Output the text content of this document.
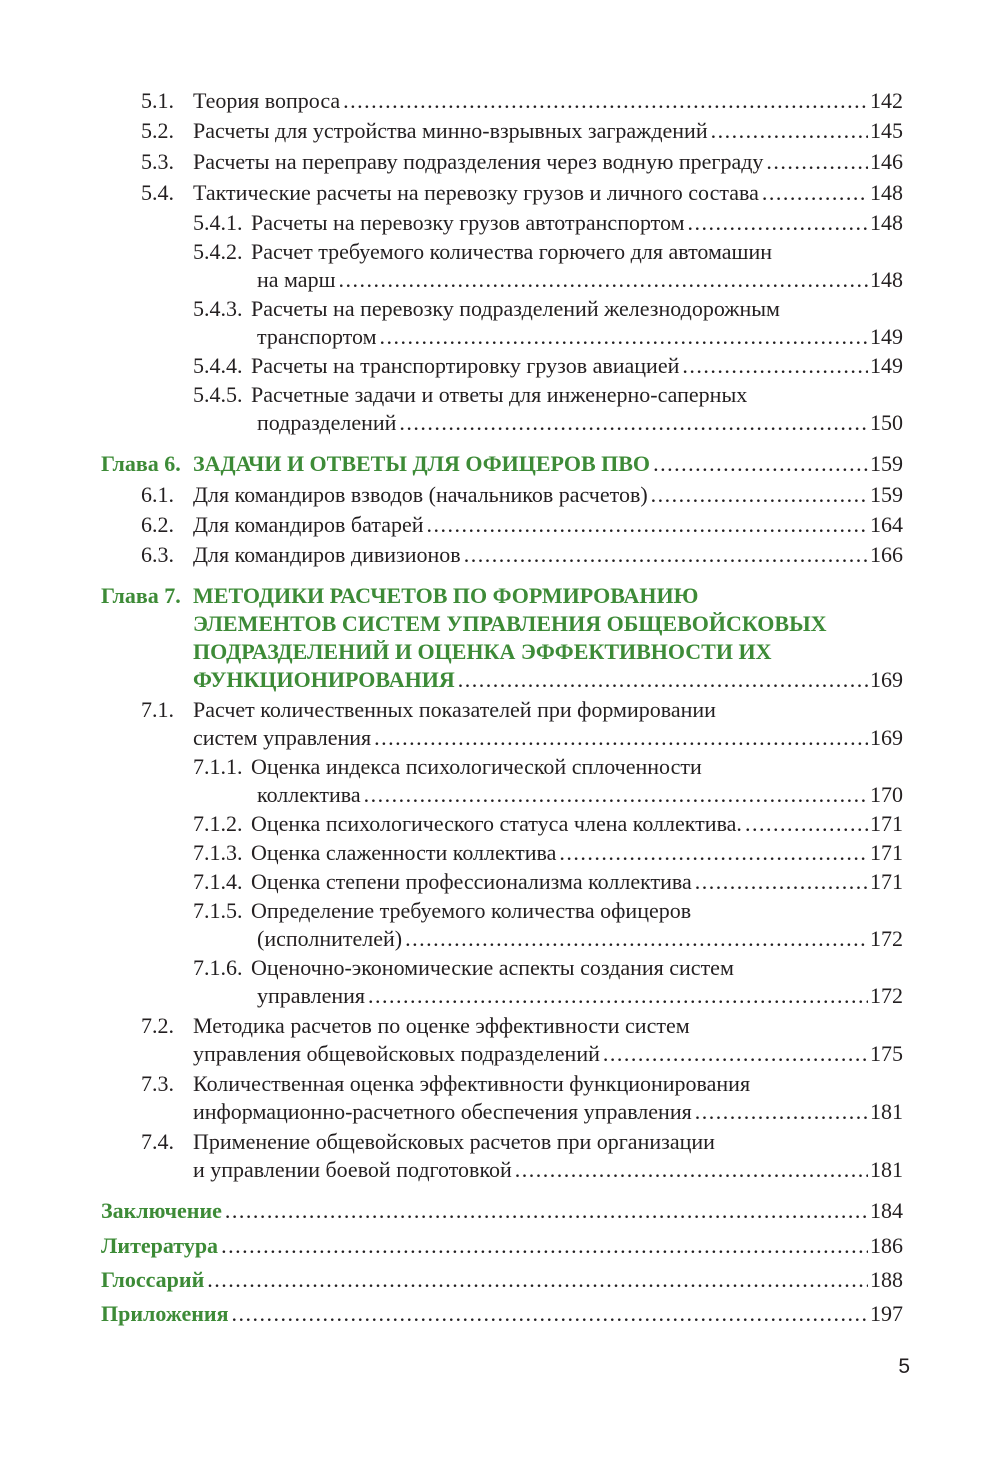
5.1. Теория вопроса .....	142
5.2. Расчеты для устройства минно-взрывных заграждений .....	145
5.3. Расчеты на переправу подразделения через водную преграду .....	146
5.4. Тактические расчеты на перевозку грузов и личного состава .....	148
5.4.1. Расчеты на перевозку грузов автотранспортом .....	148
5.4.2. Расчет требуемого количества горючего для автомашин
на марш .....	148
5.4.3. Расчеты на перевозку подразделений железнодорожным
транспортом .....	149
5.4.4. Расчеты на транспортировку грузов авиацией .....	149
5.4.5. Расчетные задачи и ответы для инженерно-саперных
подразделений .....	150
Глава 6. ЗАДАЧИ И ОТВЕТЫ ДЛЯ ОФИЦЕРОВ ПВО .....	159
6.1. Для командиров взводов (начальников расчетов) .....	159
6.2. Для командиров батарей .....	164
6.3. Для командиров дивизионов .....	166
Глава 7. МЕТОДИКИ РАСЧЕТОВ ПО ФОРМИРОВАНИЮ
ЭЛЕМЕНТОВ СИСТЕМ УПРАВЛЕНИЯ ОБЩЕВОЙСКОВЫХ
ПОДРАЗДЕЛЕНИЙ И ОЦЕНКА ЭФФЕКТИВНОСТИ ИХ
ФУНКЦИОНИРОВАНИЯ .....	169
7.1. Расчет количественных показателей при формировании
систем управления .....	169
7.1.1. Оценка индекса психологической сплоченности
коллектива .....	170
7.1.2. Оценка психологического статуса члена коллектива. .....	171
7.1.3. Оценка слаженности коллектива .....	171
7.1.4. Оценка степени профессионализма коллектива .....	171
7.1.5. Определение требуемого количества офицеров
(исполнителей) .....	172
7.1.6. Оценочно-экономические аспекты создания систем
управления .....	172
7.2. Методика расчетов по оценке эффективности систем
управления общевойсковых подразделений .....	175
7.3. Количественная оценка эффективности функционирования
информационно-расчетного обеспечения управления .....	181
7.4. Применение общевойсковых расчетов при организации
и управлении боевой подготовкой .....	181
Заключение .....	184
Литература .....	186
Глоссарий .....	188
Приложения .....	197
5
